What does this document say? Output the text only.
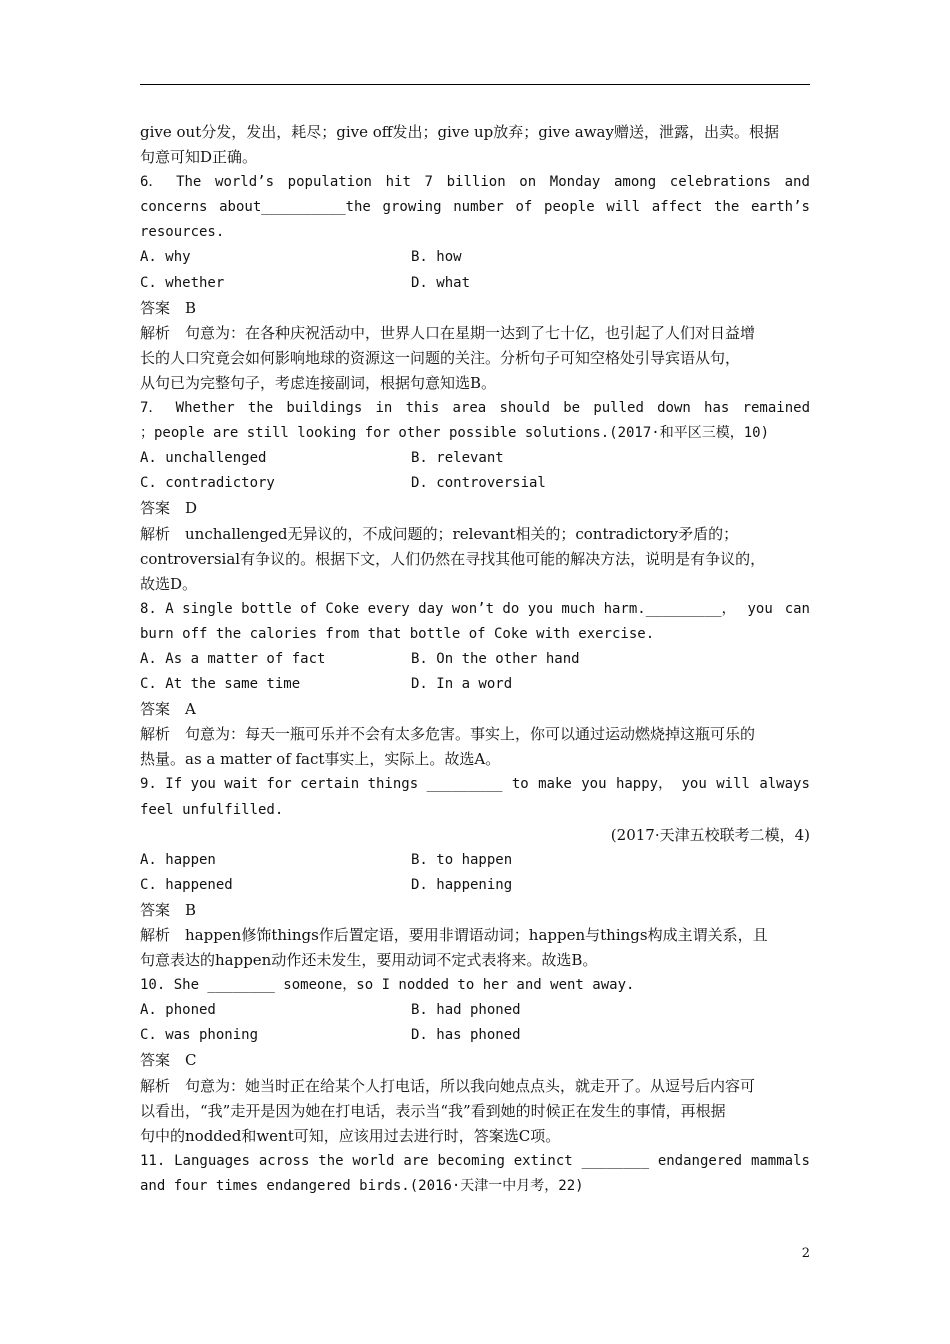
give out分发，发出，耗尽；give off发出；give up放弃；give away赠送，泄露，出卖。根据
句意可知D正确。
6． The world’s population hit 7 billion on Monday among celebrations and
concerns about__________the growing number of people will affect the earth’s
resources.
A. why	B. how
C. whether	D. what
答案　B
解析　句意为：在各种庆祝活动中，世界人口在星期一达到了七十亿，也引起了人们对日益增
长的人口究竟会如何影响地球的资源这一问题的关注。分析句子可知空格处引导宾语从句，
从句已为完整句子，考虑连接副词，根据句意知选B。
7． Whether the buildings in this area should be pulled down has remained
；people are still looking for other possible solutions.(2017·和平区三模，10)
A. unchallenged	B. relevant
C. contradictory	D. controversial
答案　D
解析　unchallenged无异议的，不成问题的；relevant相关的；contradictory矛盾的；
controversial有争议的。根据下文，人们仍然在寻找其他可能的解决方法，说明是有争议的，
故选D。
8. A single bottle of Coke every day won’t do you much harm._________， you can
burn off the calories from that bottle of Coke with exercise.
A. As a matter of fact	B. On the other hand
C. At the same time	D. In a word
答案　A
解析　句意为：每天一瓶可乐并不会有太多危害。事实上，你可以通过运动燃烧掉这瓶可乐的
热量。as a matter of fact事实上，实际上。故选A。
9. If you wait for certain things _________ to make you happy， you will always
feel unfulfilled.
(2017·天津五校联考二模，4)
A. happen	B. to happen
C. happened	D. happening
答案　B
解析　happen修饰things作后置定语，要用非谓语动词；happen与things构成主谓关系，且
句意表达的happen动作还未发生，要用动词不定式表将来。故选B。
10. She ________ someone，so I nodded to her and went away.
A. phoned	B. had phoned
C. was phoning	D. has phoned
答案　C
解析　句意为：她当时正在给某个人打电话，所以我向她点点头，就走开了。从逗号后内容可
以看出，“我”走开是因为她在打电话，表示当“我”看到她的时候正在发生的事情，再根据
句中的nodded和went可知，应该用过去进行时，答案选C项。
11. Languages across the world are becoming extinct ________ endangered mammals
and four times endangered birds.(2016·天津一中月考，22)
2
